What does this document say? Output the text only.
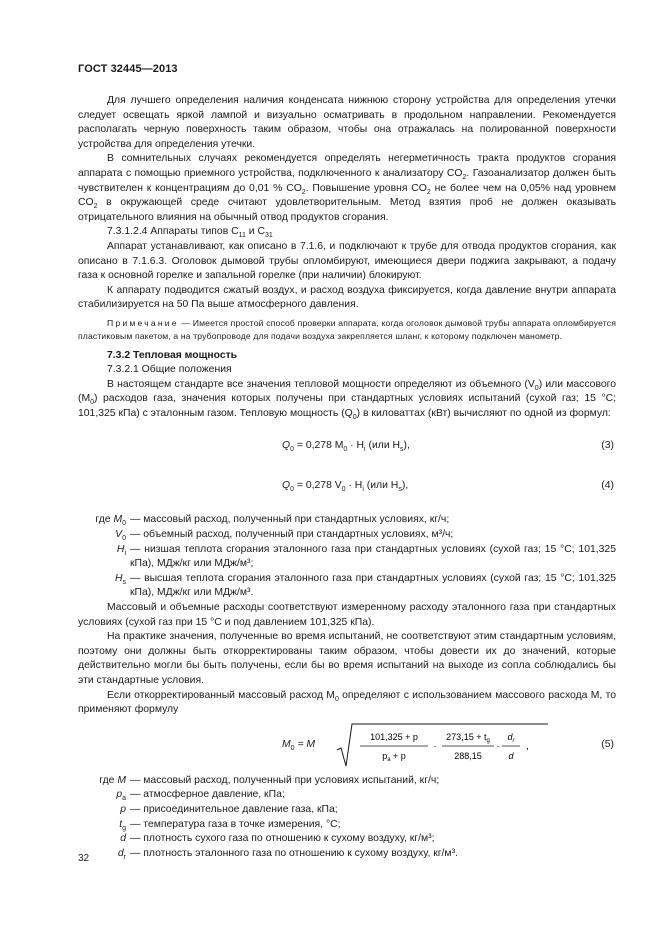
ГОСТ 32445—2013

Для лучшего определения наличия конденсата нижнюю сторону устройства для определения утечки следует освещать яркой лампой и визуально осматривать в продольном направлении. Рекомендуется располагать черную поверхность таким образом, чтобы она отражалась на полированной поверхности устройства для определения утечки.

В сомнительных случаях рекомендуется определять негерметичность тракта продуктов сгорания аппарата с помощью приемного устройства, подключенного к анализатору $CO_2$. Газоанализатор должен быть чувствителен к концентрациям до 0,01 % $CO_2$. Повышение уровня $CO_2$ не более чем на 0,05% над уровнем $CO_2$ в окружающей среде считают удовлетворительным. Метод взятия проб не должен оказывать отрицательного влияния на обычный отвод продуктов сгорания.

7.3.1.2.4 Аппараты типов $C_{11}$ и $C_{31}$

Аппарат устанавливают, как описано в 7.1.6, и подключают к трубе для отвода продуктов сгорания, как описано в 7.1.6.3. Оголовок дымовой трубы опломбируют, имеющиеся двери поджига закрывают, а подачу газа к основной горелке и запальной горелке (при наличии) блокируют.

К аппарату подводится сжатый воздух, и расход воздуха фиксируется, когда давление внутри аппарата стабилизируется на 50 Па выше атмосферного давления.

Примечание — Имеется простой способ проверки аппарата, когда оголовок дымовой трубы аппарата опломбируется пластиковым пакетом, а на трубопроводе для подачи воздуха закрепляется шланг, к которому подключен манометр.

7.3.2 Тепловая мощность

7.3.2.1 Общие положения

В настоящем стандарте все значения тепловой мощности определяют из объемного $(V_0)$ или массового $(M_0)$ расходов газа, значения которых получены при стандартных условиях испытаний (сухой газ; 15 °C; 101,325 кПа) с эталонным газом. Тепловую мощность $(Q_0)$ в киловаттах (кВт) вычисляют по одной из формул:

$Q_0 = 0,278$ $M_0 \cdot H_i$ (или $H_s$),	(3)
$Q_0 = 0,278$ $V_0 \cdot H_i$ (или $H_s$),	(4)
где $M_0$ — массовый расход, полученный при стандартных условиях, кг/ч;
$V_0$ — объемный расход, полученный при стандартных условиях, м³/ч;
$H_i$ — низшая теплота сгорания эталонного газа при стандартных условиях (сухой газ; 15 °C; 101,325 кПа), МДж/кг или МДж/м³;
$H_s$ — высшая теплота сгорания эталонного газа при стандартных условиях (сухой газ; 15 °C; 101,325 кПа), МДж/кг или МДж/м³.

Массовый и объемные расходы соответствуют измеренному расходу эталонного газа при стандартных условиях (сухой газ при 15 °C и под давлением 101,325 кПа).

На практике значения, полученные во время испытаний, не соответствуют этим стандартным условиям, поэтому они должны быть откорректированы таким образом, чтобы довести их до значений, которые действительно могли бы быть получены, если бы во время испытаний на выходе из сопла соблюдались бы эти стандартные условия.

Если откорректированный массовый расход $M_0$ определяют с использованием массового расхода M, то применяют формулу

$M_0 = M$
101,325 + p
$p_a + p$
·
$273,15 + t_g$
288,15
·
$d_r$
d
,	(5)
где M — массовый расход, полученный при условиях испытаний, кг/ч;
$p_a$ — атмосферное давление, кПа;
p — присоединительное давление газа, кПа;
$t_g$ — температура газа в точке измерения, °C;
d — плотность сухого газа по отношению к сухому воздуху, кг/м³;
$d_r$ — плотность эталонного газа по отношению к сухому воздуху, кг/м³.
32
